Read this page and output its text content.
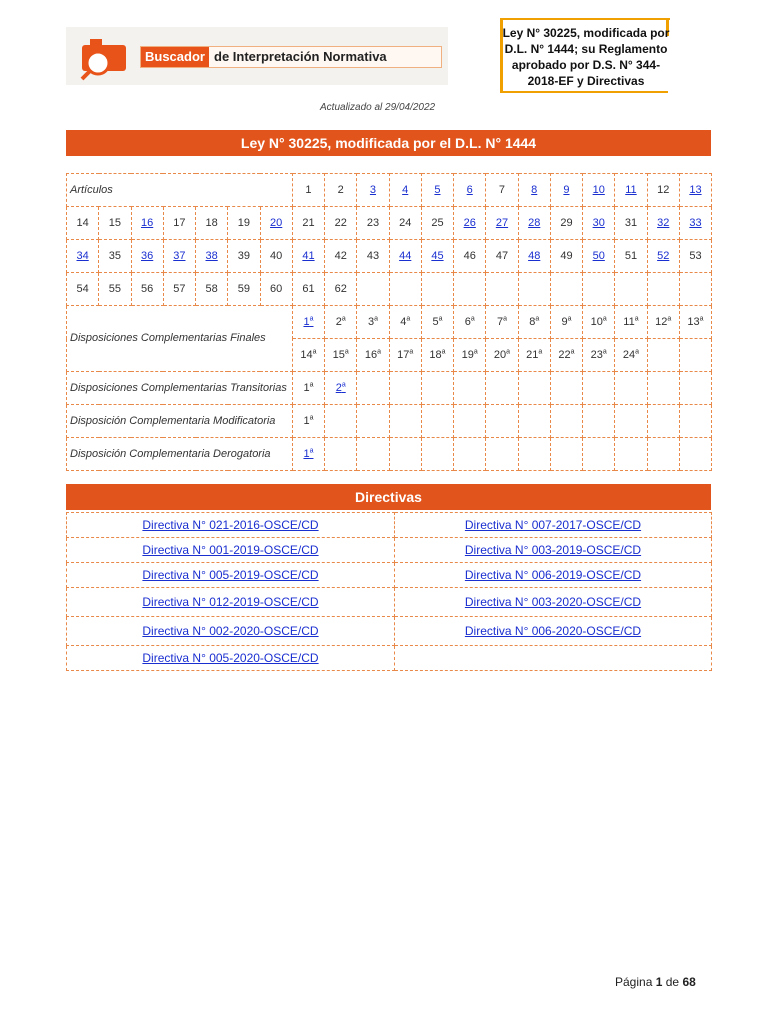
Buscador de Interpretación Normativa
Ley N° 30225, modificada por D.L. N° 1444; su Reglamento aprobado por D.S. N° 344-2018-EF y Directivas
Actualizado al 29/04/2022
Ley N° 30225, modificada por el D.L. N° 1444
Artículos							1	2	3	4	5	6	7	8	9	10	11	12	13
14	15	16	17	18	19	20	21	22	23	24	25	26	27	28	29	30	31	32	33
34	35	36	37	38	39	40	41	42	43	44	45	46	47	48	49	50	51	52	53
54	55	56	57	58	59	60	61	62											
Disposiciones Complementarias Finales							1$^a$	2$^a$	3$^a$	4$^a$	5$^a$	6$^a$	7$^a$	8$^a$	9$^a$	10$^a$	11$^a$	12$^a$	13$^a$
							14$^a$	15$^a$	16$^a$	17$^a$	18$^a$	19$^a$	20$^a$	21$^a$	22$^a$	23$^a$	24$^a$		
Disposiciones Complementarias Transitorias							1$^a$	2$^a$											
Disposición Complementaria Modificatoria							1$^a$												
Disposición Complementaria Derogatoria							1$^a$												
Directivas
Directiva N° 021-2016-OSCE/CD	Directiva N° 007-2017-OSCE/CD
Directiva N° 001-2019-OSCE/CD	Directiva N° 003-2019-OSCE/CD
Directiva N° 005-2019-OSCE/CD	Directiva N° 006-2019-OSCE/CD
Directiva N° 012-2019-OSCE/CD	Directiva N° 003-2020-OSCE/CD
Directiva N° 002-2020-OSCE/CD	Directiva N° 006-2020-OSCE/CD
Directiva N° 005-2020-OSCE/CD	
Página 1 de 68
